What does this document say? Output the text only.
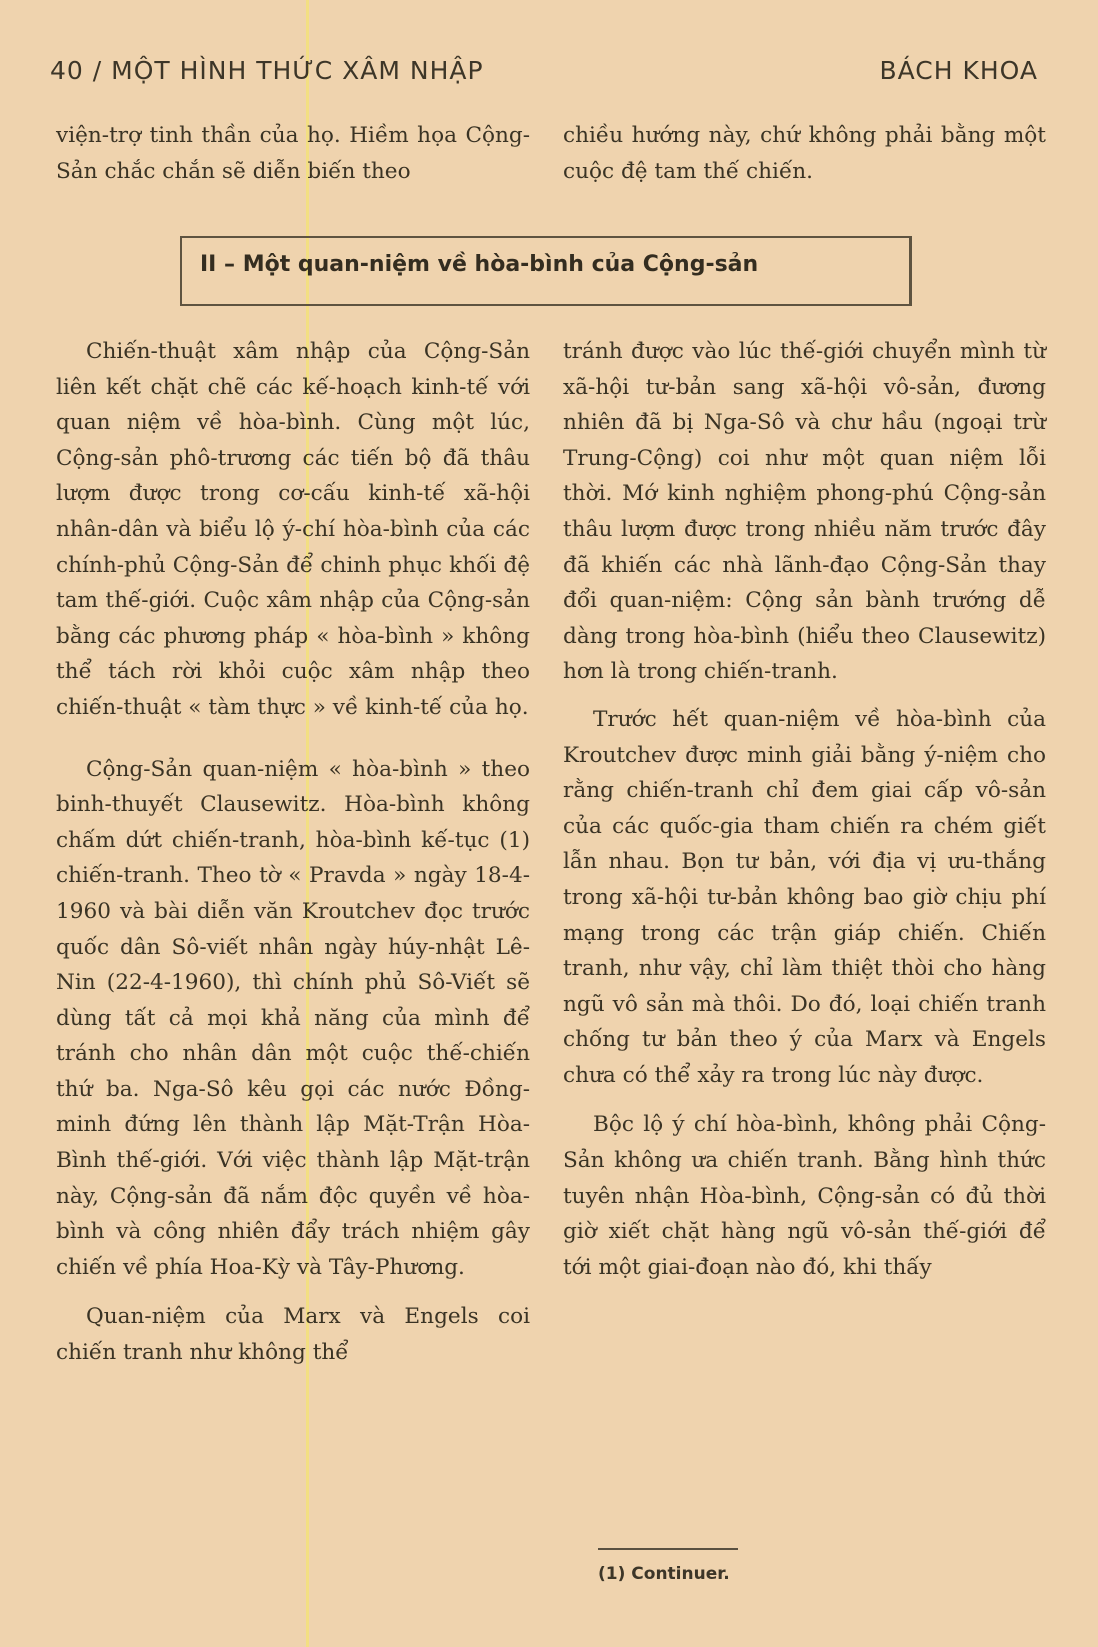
40 / MỘT HÌNH THỨC XÂM NHẬP	BÁCH KHOA

viện-trợ tinh thần của họ. Hiềm họa Cộng-Sản chắc chắn sẽ diễn biến theo

chiều hướng này, chứ không phải bằng một cuộc đệ tam thế chiến.

II – Một quan-niệm về hòa-bình của Cộng-sản

Chiến-thuật xâm nhập của Cộng-Sản liên kết chặt chẽ các kế-hoạch kinh-tế với quan niệm về hòa-bình. Cùng một lúc, Cộng-sản phô-trương các tiến bộ đã thâu lượm được trong cơ-cấu kinh-tế xã-hội nhân-dân và biểu lộ ý-chí hòa-bình của các chính-phủ Cộng-Sản để chinh phục khối đệ tam thế-giới. Cuộc xâm nhập của Cộng-sản bằng các phương pháp « hòa-bình » không thể tách rời khỏi cuộc xâm nhập theo chiến-thuật « tàm thực » về kinh-tế của họ.

Cộng-Sản quan-niệm « hòa-bình » theo binh-thuyết Clausewitz. Hòa-bình không chấm dứt chiến-tranh, hòa-bình kế-tục (1) chiến-tranh. Theo tờ « Pravda » ngày 18-4-1960 và bài diễn văn Kroutchev đọc trước quốc dân Sô-viết nhân ngày húy-nhật Lê-Nin (22-4-1960), thì chính phủ Sô-Viết sẽ dùng tất cả mọi khả năng của mình để tránh cho nhân dân một cuộc thế-chiến thứ ba. Nga-Sô kêu gọi các nước Đồng-minh đứng lên thành lập Mặt-Trận Hòa-Bình thế-giới. Với việc thành lập Mặt-trận này, Cộng-sản đã nắm độc quyền về hòa-bình và công nhiên đẩy trách nhiệm gây chiến về phía Hoa-Kỳ và Tây-Phương.

Quan-niệm của Marx và Engels coi chiến tranh như không thể

tránh được vào lúc thế-giới chuyển mình từ xã-hội tư-bản sang xã-hội vô-sản, đương nhiên đã bị Nga-Sô và chư hầu (ngoại trừ Trung-Cộng) coi như một quan niệm lỗi thời. Mớ kinh nghiệm phong-phú Cộng-sản thâu lượm được trong nhiều năm trước đây đã khiến các nhà lãnh-đạo Cộng-Sản thay đổi quan-niệm: Cộng sản bành trướng dễ dàng trong hòa-bình (hiểu theo Clausewitz) hơn là trong chiến-tranh.

Trước hết quan-niệm về hòa-bình của Kroutchev được minh giải bằng ý-niệm cho rằng chiến-tranh chỉ đem giai cấp vô-sản của các quốc-gia tham chiến ra chém giết lẫn nhau. Bọn tư bản, với địa vị ưu-thắng trong xã-hội tư-bản không bao giờ chịu phí mạng trong các trận giáp chiến. Chiến tranh, như vậy, chỉ làm thiệt thòi cho hàng ngũ vô sản mà thôi. Do đó, loại chiến tranh chống tư bản theo ý của Marx và Engels chưa có thể xảy ra trong lúc này được.

Bộc lộ ý chí hòa-bình, không phải Cộng-Sản không ưa chiến tranh. Bằng hình thức tuyên nhận Hòa-bình, Cộng-sản có đủ thời giờ xiết chặt hàng ngũ vô-sản thế-giới để tới một giai-đoạn nào đó, khi thấy

(1) Continuer.
